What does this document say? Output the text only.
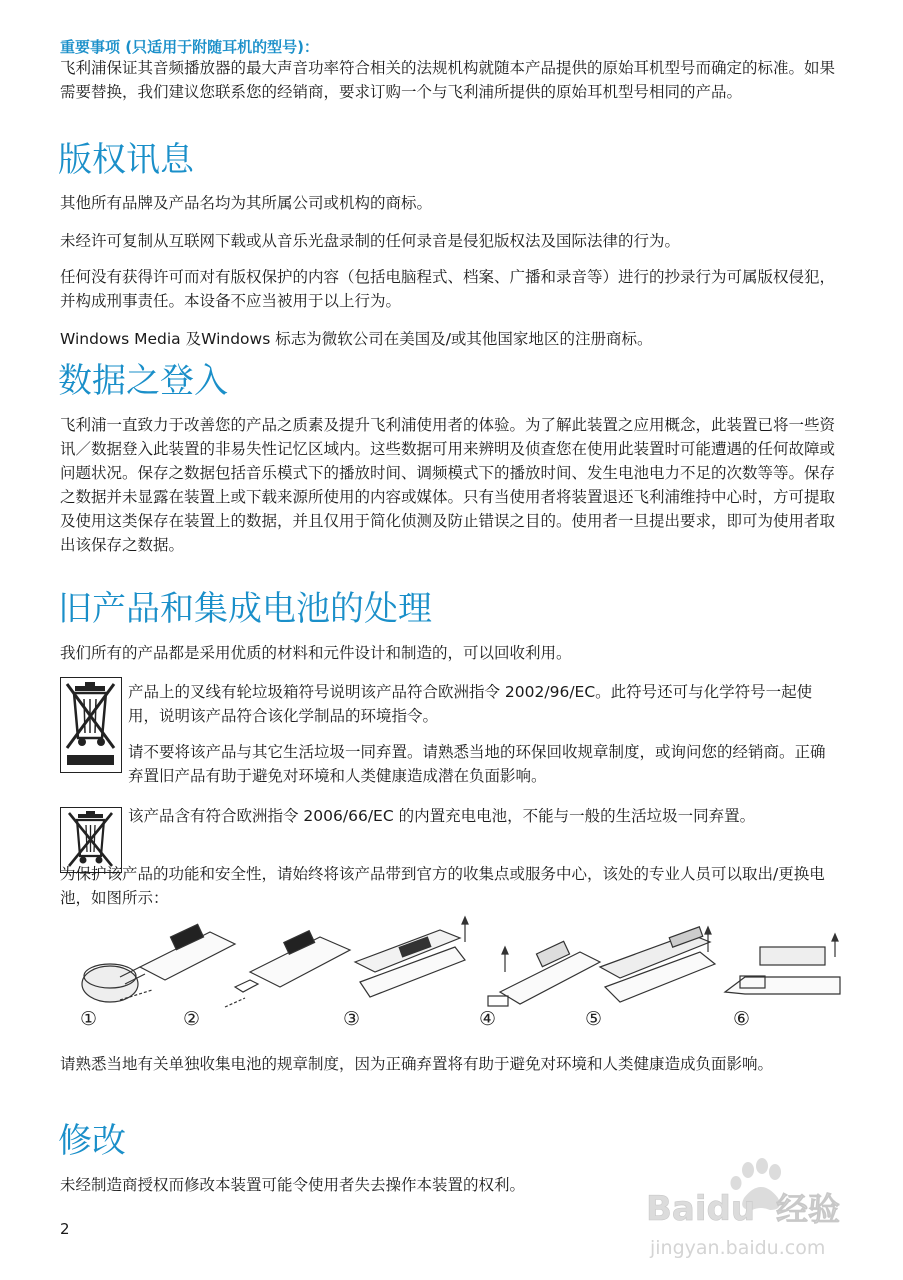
重要事项 (只适用于附随耳机的型号)：

飞利浦保证其音频播放器的最大声音功率符合相关的法规机构就随本产品提供的原始耳机型号而确定的标准。如果需要替换，我们建议您联系您的经销商，要求订购一个与飞利浦所提供的原始耳机型号相同的产品。

版权讯息

其他所有品牌及产品名均为其所属公司或机构的商标。

未经许可复制从互联网下载或从音乐光盘录制的任何录音是侵犯版权法及国际法律的行为。

任何没有获得许可而对有版权保护的内容（包括电脑程式、档案、广播和录音等）进行的抄录行为可属版权侵犯，并构成刑事责任。本设备不应当被用于以上行为。

Windows Media 及Windows 标志为微软公司在美国及/或其他国家地区的注册商标。

数据之登入

飞利浦一直致力于改善您的产品之质素及提升飞利浦使用者的体验。为了解此装置之应用概念，此装置已将一些资讯／数据登入此装置的非易失性记忆区域内。这些数据可用来辨明及侦查您在使用此装置时可能遭遇的任何故障或问题状况。保存之数据包括音乐模式下的播放时间、调频模式下的播放时间、发生电池电力不足的次数等等。保存之数据并未显露在装置上或下载来源所使用的内容或媒体。只有当使用者将装置退还飞利浦维持中心时，方可提取及使用这类保存在装置上的数据，并且仅用于简化侦测及防止错误之目的。使用者一旦提出要求，即可为使用者取出该保存之数据。

旧产品和集成电池的处理

我们所有的产品都是采用优质的材料和元件设计和制造的，可以回收利用。

产品上的叉线有轮垃圾箱符号说明该产品符合欧洲指令 2002/96/EC。此符号还可与化学符号一起使用，说明该产品符合该化学制品的环境指令。

请不要将该产品与其它生活垃圾一同弃置。请熟悉当地的环保回收规章制度，或询问您的经销商。正确弃置旧产品有助于避免对环境和人类健康造成潜在负面影响。

该产品含有符合欧洲指令 2006/66/EC 的内置充电电池，不能与一般的生活垃圾一同弃置。

为保护该产品的功能和安全性，请始终将该产品带到官方的收集点或服务中心，该处的专业人员可以取出/更换电池，如图所示：

①	②	③	④	⑤	⑥

请熟悉当地有关单独收集电池的规章制度，因为正确弃置将有助于避免对环境和人类健康造成负面影响。

修改

未经制造商授权而修改本装置可能令使用者失去操作本装置的权利。

2	Baidu 经验
jingyan.baidu.com
